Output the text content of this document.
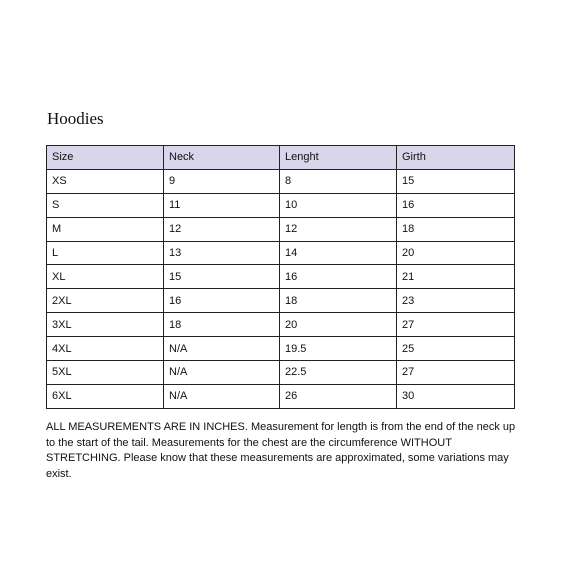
Hoodies
Size	Neck	Lenght	Girth
XS	9	8	15
S	11	10	16
M	12	12	18
L	13	14	20
XL	15	16	21
2XL	16	18	23
3XL	18	20	27
4XL	N/A	19.5	25
5XL	N/A	22.5	27
6XL	N/A	26	30
ALL MEASUREMENTS ARE IN INCHES. Measurement for length is from the end of the neck up to the start of the tail. Measurements for the chest are the circumference WITHOUT STRETCHING. Please know that these measurements are approximated, some variations may exist.
